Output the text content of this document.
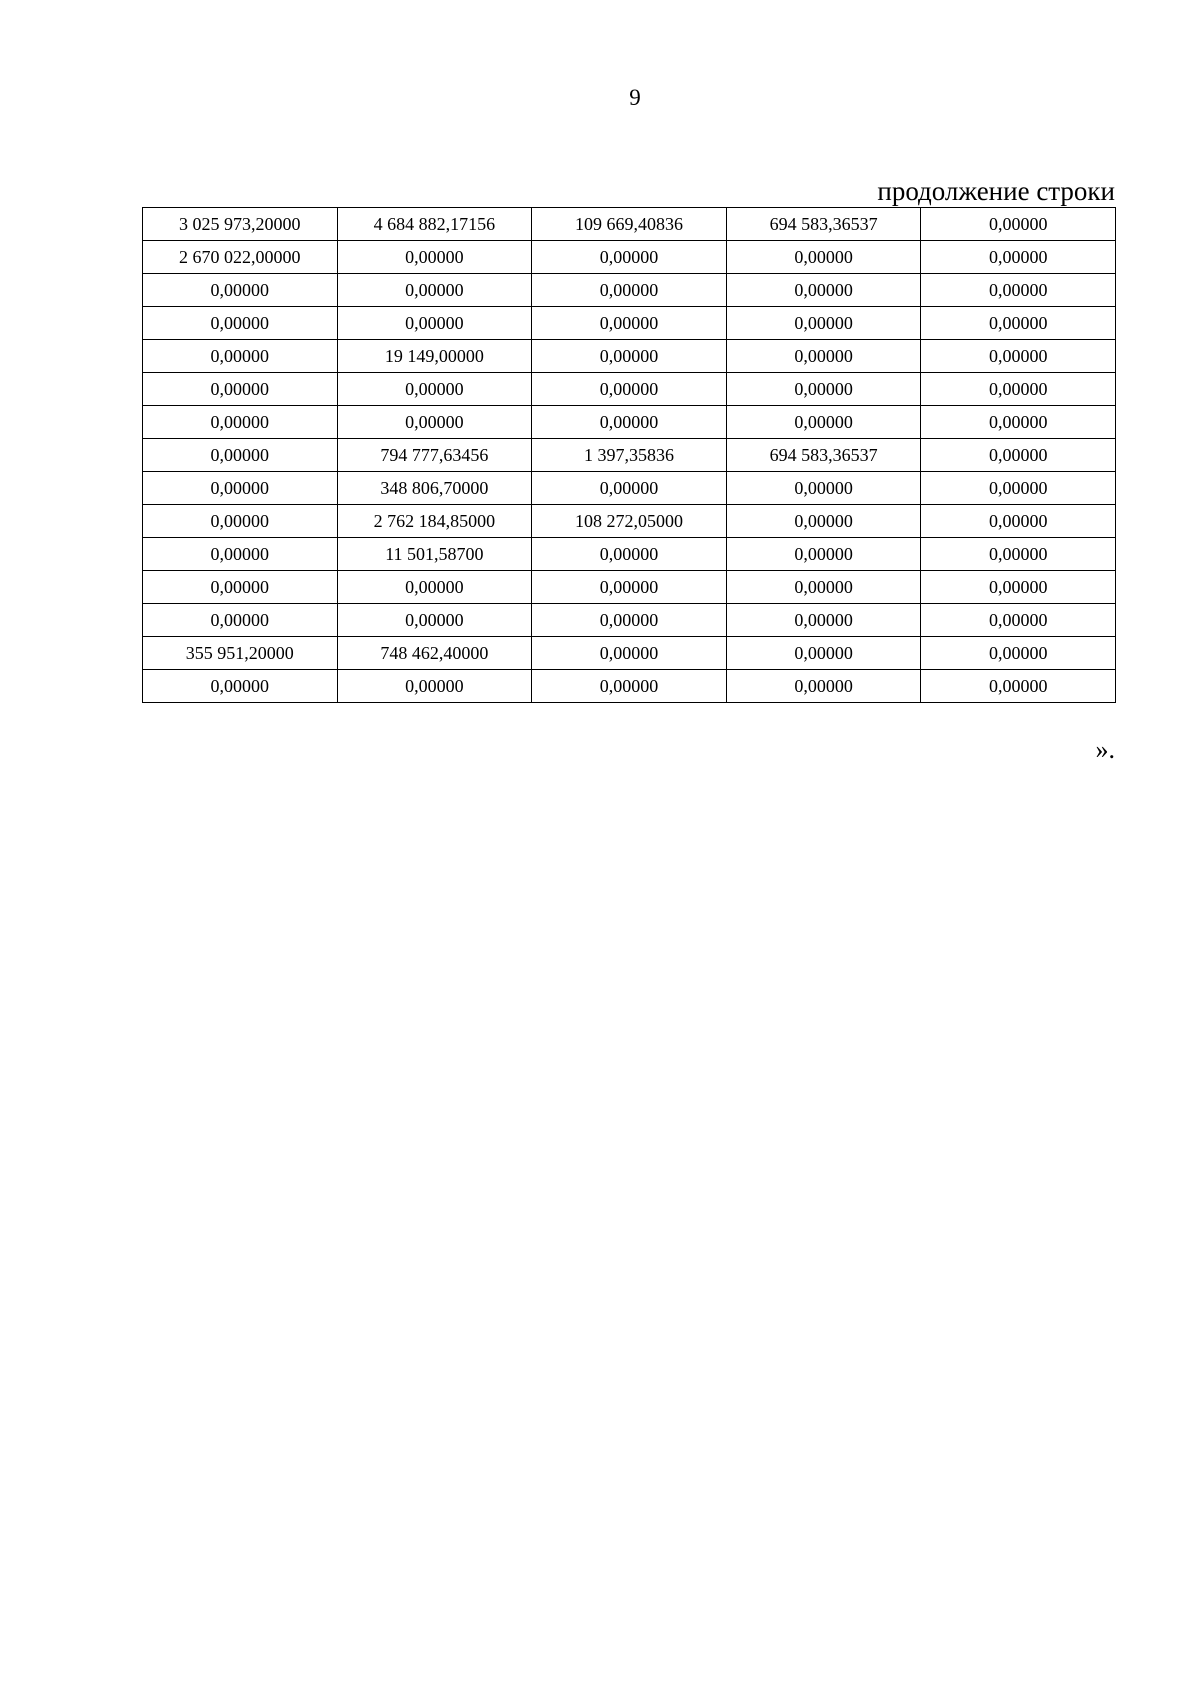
9
продолжение строки
3 025 973,20000	4 684 882,17156	109 669,40836	694 583,36537	0,00000
2 670 022,00000	0,00000	0,00000	0,00000	0,00000
0,00000	0,00000	0,00000	0,00000	0,00000
0,00000	0,00000	0,00000	0,00000	0,00000
0,00000	19 149,00000	0,00000	0,00000	0,00000
0,00000	0,00000	0,00000	0,00000	0,00000
0,00000	0,00000	0,00000	0,00000	0,00000
0,00000	794 777,63456	1 397,35836	694 583,36537	0,00000
0,00000	348 806,70000	0,00000	0,00000	0,00000
0,00000	2 762 184,85000	108 272,05000	0,00000	0,00000
0,00000	11 501,58700	0,00000	0,00000	0,00000
0,00000	0,00000	0,00000	0,00000	0,00000
0,00000	0,00000	0,00000	0,00000	0,00000
355 951,20000	748 462,40000	0,00000	0,00000	0,00000
0,00000	0,00000	0,00000	0,00000	0,00000
».
